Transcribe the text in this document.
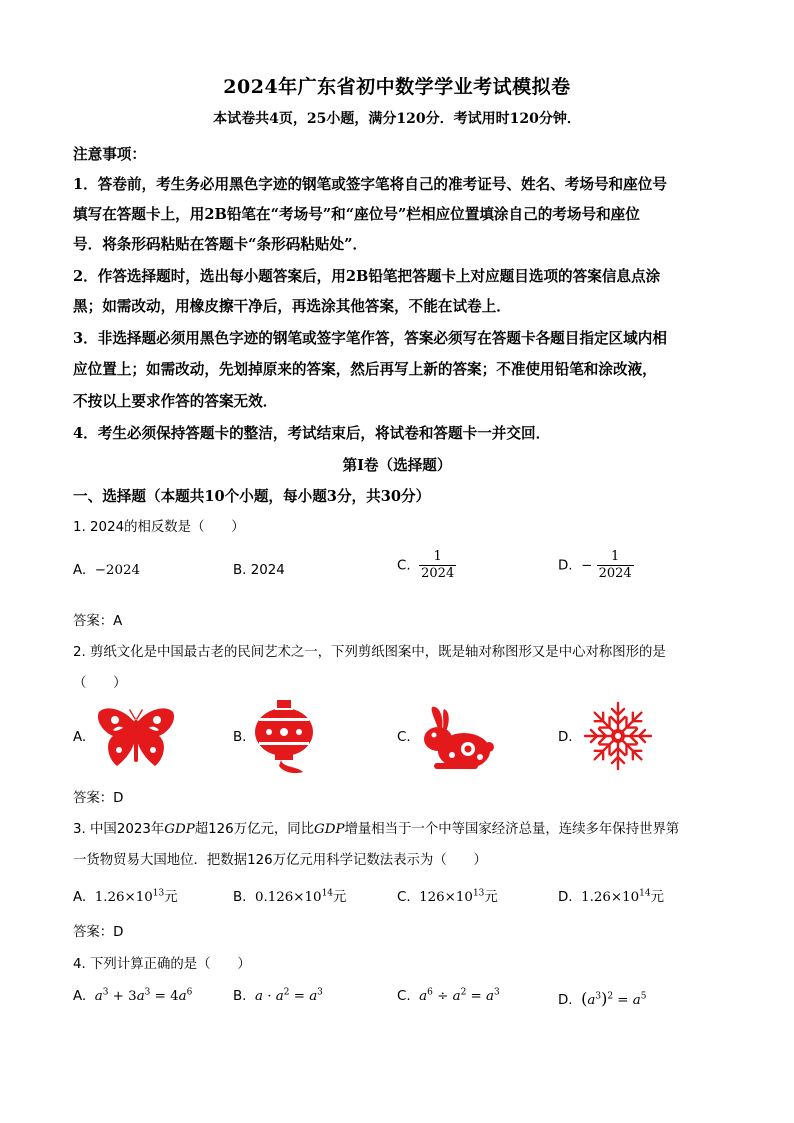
2024年广东省初中数学学业考试模拟卷
本试卷共4页，25小题，满分120分．考试用时120分钟．
注意事项：
1．答卷前，考生务必用黑色字迹的钢笔或签字笔将自己的准考证号、姓名、考场号和座位号
填写在答题卡上，用2B铅笔在“考场号”和“座位号”栏相应位置填涂自己的考场号和座位
号．将条形码粘贴在答题卡“条形码粘贴处”．
2．作答选择题时，选出每小题答案后，用2B铅笔把答题卡上对应题目选项的答案信息点涂
黑；如需改动，用橡皮擦干净后，再选涂其他答案，不能在试卷上．
3．非选择题必须用黑色字迹的钢笔或签字笔作答，答案必须写在答题卡各题目指定区域内相
应位置上；如需改动，先划掉原来的答案，然后再写上新的答案；不准使用铅笔和涂改液，
不按以上要求作答的答案无效．
4．考生必须保持答题卡的整洁，考试结束后，将试卷和答题卡一并交回．
第Ⅰ卷（选择题）
一、选择题（本题共10个小题，每小题3分，共30分）
1. 2024的相反数是（　　）
A. −2024	B. 2024	C. $\frac{1}{2024}$	D. − $\frac{1}{2024}$
答案：A
2. 剪纸文化是中国最古老的民间艺术之一，下列剪纸图案中，既是轴对称图形又是中心对称图形的是
（　　）
A.	B.	C.	D.
答案：D
3. 中国2023年GDP超126万亿元，同比GDP增量相当于一个中等国家经济总量，连续多年保持世界第
一货物贸易大国地位．把数据126万亿元用科学记数法表示为（　　）
A. $1.26\times 10^{13}$元	B. $0.126\times 10^{14}$元	C. $126\times 10^{13}$元	D. $1.26\times 10^{14}$元
答案：D
4. 下列计算正确的是（　　）
A. $a^3 + 3a^3 = 4a^6$	B. $a \cdot a^2 = a^3$	C. $a^6 \div a^2 = a^3$
D. $(a^3)^2 = a^5$
